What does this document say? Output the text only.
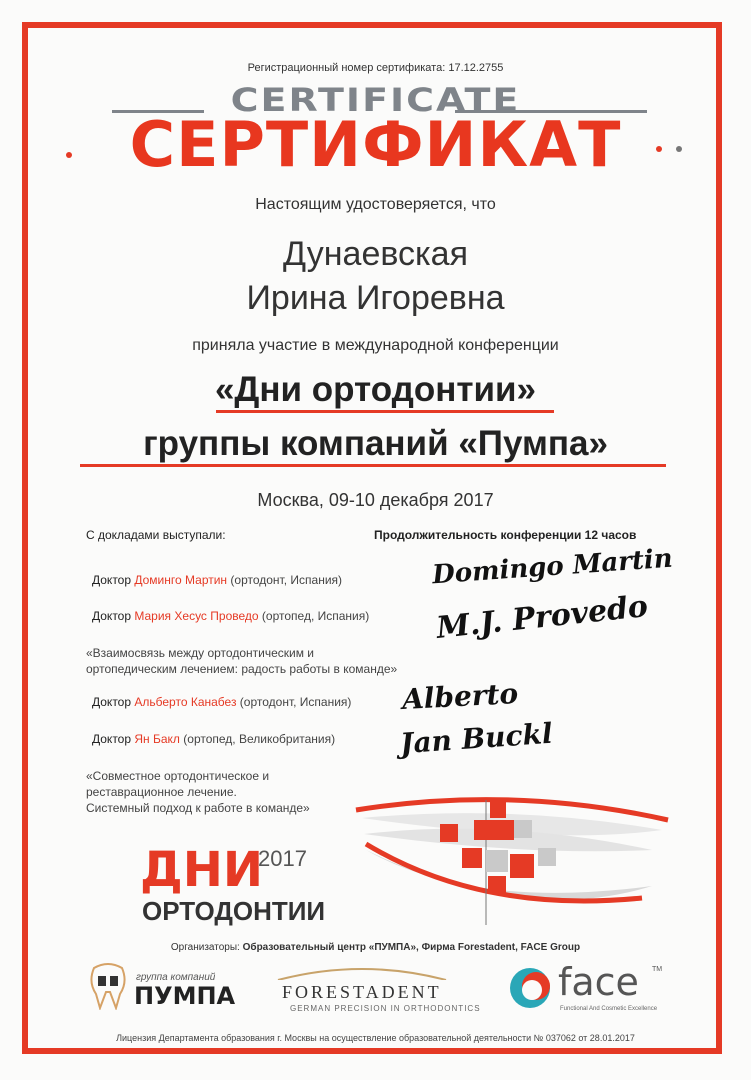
Регистрационный номер сертификата: 17.12.2755
CERTIFICATE
СЕРТИФИКАТ
Настоящим удостоверяется, что
Дунаевская
Ирина Игоревна
приняла участие в международной конференции
«Дни ортодонтии»
группы компаний «Пумпа»
Москва, 09-10 декабря 2017
С докладами выступали:	Продолжительность конференции 12 часов
Доктор Доминго Мартин (ортодонт, Испания)
Доктор Мария Хесус Проведо (ортопед, Испания)
«Взаимосвязь между ортодонтическим и
ортопедическим лечением: радость работы в команде»
Доктор Альберто Канабез (ортодонт, Испания)
Доктор Ян Бакл (ортопед, Великобритания)
«Совместное ортодонтическое и
реставрационное лечение.
Системный подход к работе в команде»
Domingo Martin
M.J. Provedo
Alberto
Jan Buckl
ДНИ
2017
ОРТОДОНТИИ
Организаторы: Образовательный центр «ПУМПА», Фирма Forestadent, FACE Group
группа компаний
ПУМПА	FORESTADENT
GERMAN PRECISION IN ORTHODONTICS
face TM
Functional And Cosmetic Excellence
Лицензия Департамента образования г. Москвы на осуществление образовательной деятельности № 037062 от 28.01.2017
